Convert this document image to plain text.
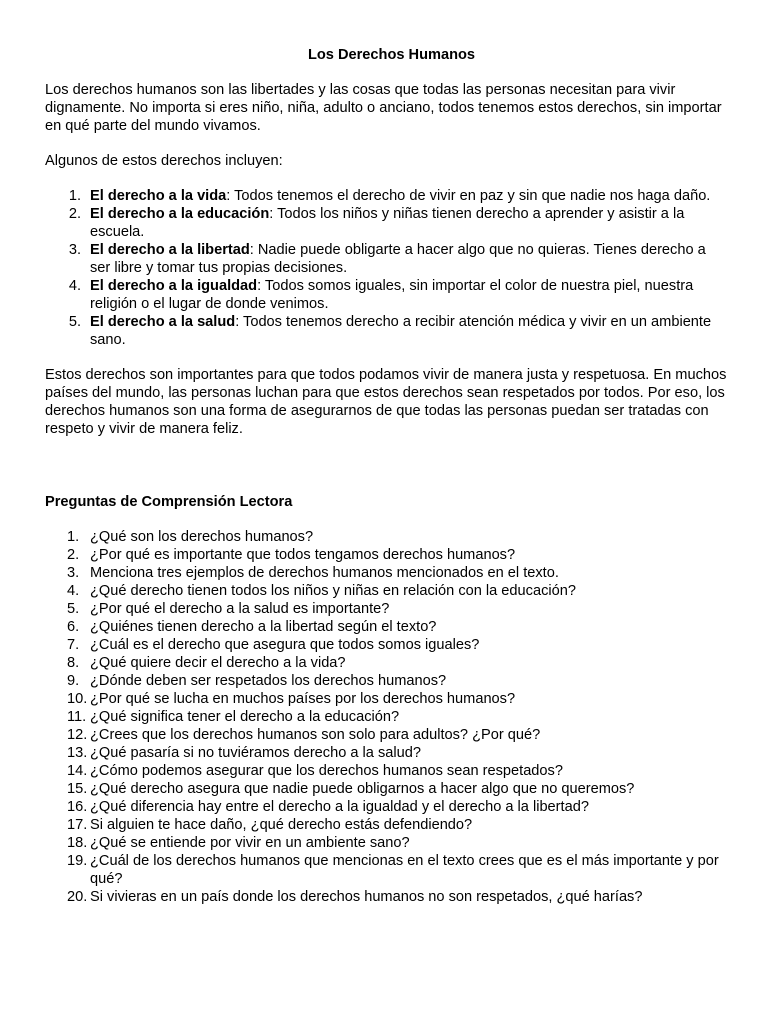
Los Derechos Humanos

Los derechos humanos son las libertades y las cosas que todas las personas necesitan para vivir dignamente. No importa si eres niño, niña, adulto o anciano, todos tenemos estos derechos, sin importar en qué parte del mundo vivamos.

Algunos de estos derechos incluyen:

1. El derecho a la vida: Todos tenemos el derecho de vivir en paz y sin que nadie nos haga daño.
2. El derecho a la educación: Todos los niños y niñas tienen derecho a aprender y asistir a la escuela.
3. El derecho a la libertad: Nadie puede obligarte a hacer algo que no quieras. Tienes derecho a ser libre y tomar tus propias decisiones.
4. El derecho a la igualdad: Todos somos iguales, sin importar el color de nuestra piel, nuestra religión o el lugar de donde venimos.
5. El derecho a la salud: Todos tenemos derecho a recibir atención médica y vivir en un ambiente sano.

Estos derechos son importantes para que todos podamos vivir de manera justa y respetuosa. En muchos países del mundo, las personas luchan para que estos derechos sean respetados por todos. Por eso, los derechos humanos son una forma de asegurarnos de que todas las personas puedan ser tratadas con respeto y vivir de manera feliz.

Preguntas de Comprensión Lectora

1. ¿Qué son los derechos humanos?
2. ¿Por qué es importante que todos tengamos derechos humanos?
3. Menciona tres ejemplos de derechos humanos mencionados en el texto.
4. ¿Qué derecho tienen todos los niños y niñas en relación con la educación?
5. ¿Por qué el derecho a la salud es importante?
6. ¿Quiénes tienen derecho a la libertad según el texto?
7. ¿Cuál es el derecho que asegura que todos somos iguales?
8. ¿Qué quiere decir el derecho a la vida?
9. ¿Dónde deben ser respetados los derechos humanos?
10. ¿Por qué se lucha en muchos países por los derechos humanos?
11. ¿Qué significa tener el derecho a la educación?
12. ¿Crees que los derechos humanos son solo para adultos? ¿Por qué?
13. ¿Qué pasaría si no tuviéramos derecho a la salud?
14. ¿Cómo podemos asegurar que los derechos humanos sean respetados?
15. ¿Qué derecho asegura que nadie puede obligarnos a hacer algo que no queremos?
16. ¿Qué diferencia hay entre el derecho a la igualdad y el derecho a la libertad?
17. Si alguien te hace daño, ¿qué derecho estás defendiendo?
18. ¿Qué se entiende por vivir en un ambiente sano?
19. ¿Cuál de los derechos humanos que mencionas en el texto crees que es el más importante y por qué?
20. Si vivieras en un país donde los derechos humanos no son respetados, ¿qué harías?
